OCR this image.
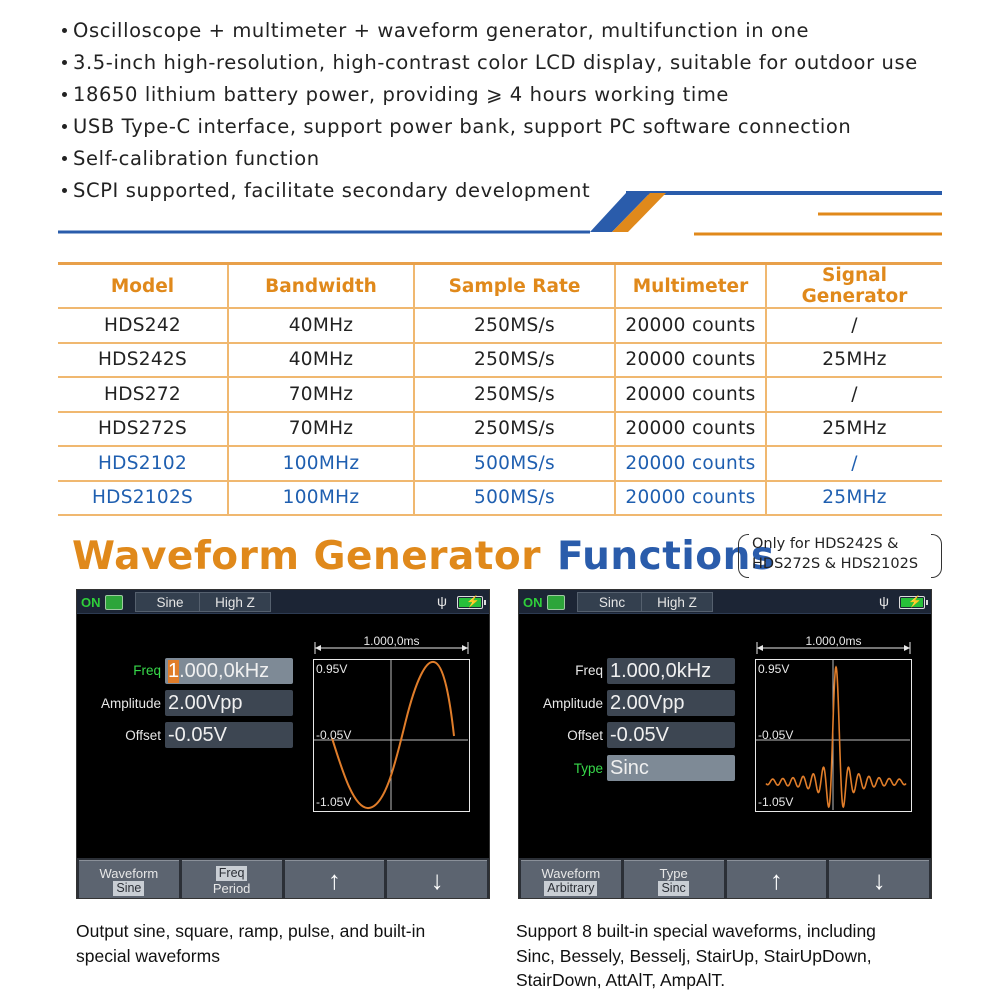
Oscilloscope + multimeter + waveform generator, multifunction in one
3.5-inch high-resolution, high-contrast color LCD display, suitable for outdoor use
18650 lithium battery power, providing ⩾ 4 hours working time
USB Type-C interface, support power bank, support PC software connection
Self-calibration function
SCPI supported, facilitate secondary development
Model	Bandwidth	Sample Rate	Multimeter	Signal Generator
HDS242	40MHz	250MS/s	20000 counts	/
HDS242S	40MHz	250MS/s	20000 counts	25MHz
HDS272	70MHz	250MS/s	20000 counts	/
HDS272S	70MHz	250MS/s	20000 counts	25MHz
HDS2102	100MHz	500MS/s	20000 counts	/
HDS2102S	100MHz	500MS/s	20000 counts	25MHz
Waveform Generator Functions
Only for HDS242S &
HDS272S & HDS2102S
ON	Sine	High Z	ψ ⚡
Freq 1 .000,0kHz
Amplitude 2.00Vpp
Offset -0.05V
1.000,0ms
0.95V
-0.05V
-1.05V
Waveform
Sine
Freq
Period	↑	↓
ON	Sinc	High Z	ψ ⚡
Freq 1.000,0kHz
Amplitude 2.00Vpp
Offset -0.05V
Type Sinc
1.000,0ms
0.95V
-0.05V
-1.05V
Waveform
Arbitrary
Type
Sinc	↑	↓
Output sine, square, ramp, pulse, and built-in
special waveforms
Support 8 built-in special waveforms, including
Sinc, Bessely, Besselj, StairUp, StairUpDown,
StairDown, AttAlT, AmpAlT.
